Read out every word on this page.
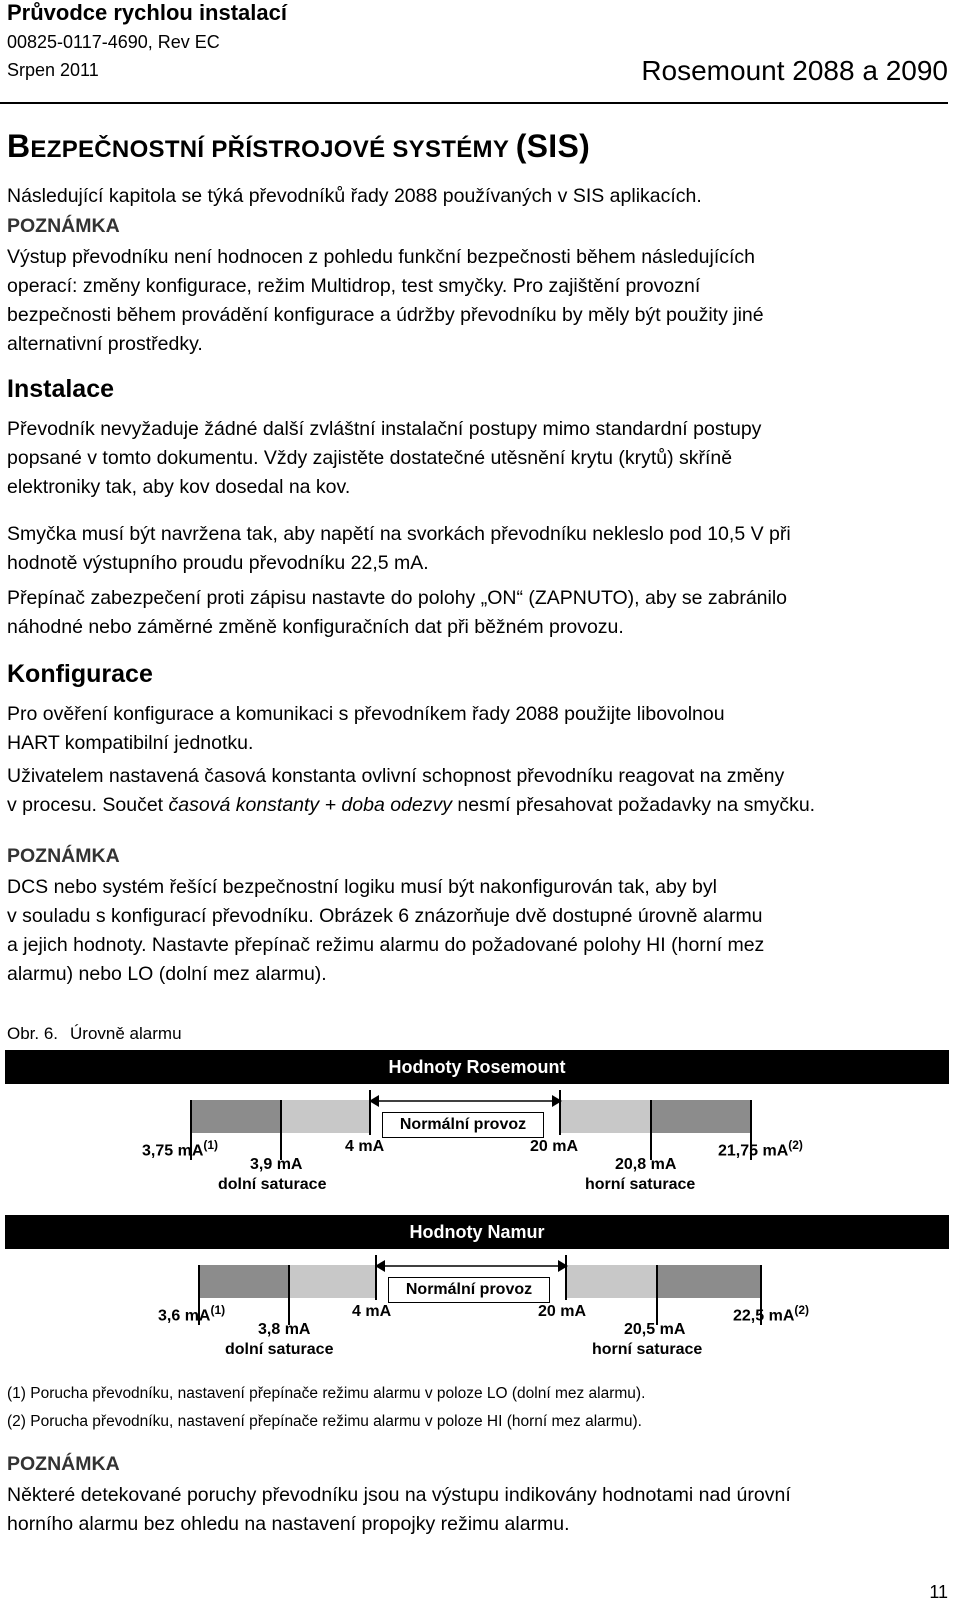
Průvodce rychlou instalací
00825-0117-4690, Rev EC
Srpen 2011	Rosemount 2088 a 2090
BEZPEČNOSTNÍ PŘÍSTROJOVÉ SYSTÉMY (SIS)
Následující kapitola se týká převodníků řady 2088 používaných v SIS aplikacích.
POZNÁMKA
Výstup převodníku není hodnocen z pohledu funkční bezpečnosti během následujících
operací: změny konfigurace, režim Multidrop, test smyčky. Pro zajištění provozní
bezpečnosti během provádění konfigurace a údržby převodníku by měly být použity jiné
alternativní prostředky.
Instalace
Převodník nevyžaduje žádné další zvláštní instalační postupy mimo standardní postupy
popsané v tomto dokumentu. Vždy zajistěte dostatečné utěsnění krytu (krytů) skříně
elektroniky tak, aby kov dosedal na kov.
Smyčka musí být navržena tak, aby napětí na svorkách převodníku nekleslo pod 10,5 V při
hodnotě výstupního proudu převodníku 22,5 mA.
Přepínač zabezpečení proti zápisu nastavte do polohy „ON“ (ZAPNUTO), aby se zabránilo
náhodné nebo záměrné změně konfiguračních dat při běžném provozu.
Konfigurace
Pro ověření konfigurace a komunikaci s převodníkem řady 2088 použijte libovolnou
HART kompatibilní jednotku.
Uživatelem nastavená časová konstanta ovlivní schopnost převodníku reagovat na změny
v procesu. Součet časová konstanty + doba odezvy nesmí přesahovat požadavky na smyčku.
POZNÁMKA
DCS nebo systém řešící bezpečnostní logiku musí být nakonfigurován tak, aby byl
v souladu s konfigurací převodníku. Obrázek 6 znázorňuje dvě dostupné úrovně alarmu
a jejich hodnoty. Nastavte přepínač režimu alarmu do požadované polohy HI (horní mez
alarmu) nebo LO (dolní mez alarmu).
Obr. 6. Úrovně alarmu
Hodnoty Rosemount
Normální provoz
3,75 $mA^{(1)}$	4 mA	20 mA	21,75 $mA^{(2)}$
3,9 mA
dolní saturace
20,8 mA
horní saturace
Hodnoty Namur
Normální provoz
3,6 $mA^{(1)}$	4 mA	20 mA	22,5 $mA^{(2)}$
3,8 mA
dolní saturace
20,5 mA
horní saturace
(1) Porucha převodníku, nastavení přepínače režimu alarmu v poloze LO (dolní mez alarmu).
(2) Porucha převodníku, nastavení přepínače režimu alarmu v poloze HI (horní mez alarmu).
POZNÁMKA
Některé detekované poruchy převodníku jsou na výstupu indikovány hodnotami nad úrovní
horního alarmu bez ohledu na nastavení propojky režimu alarmu.
11
